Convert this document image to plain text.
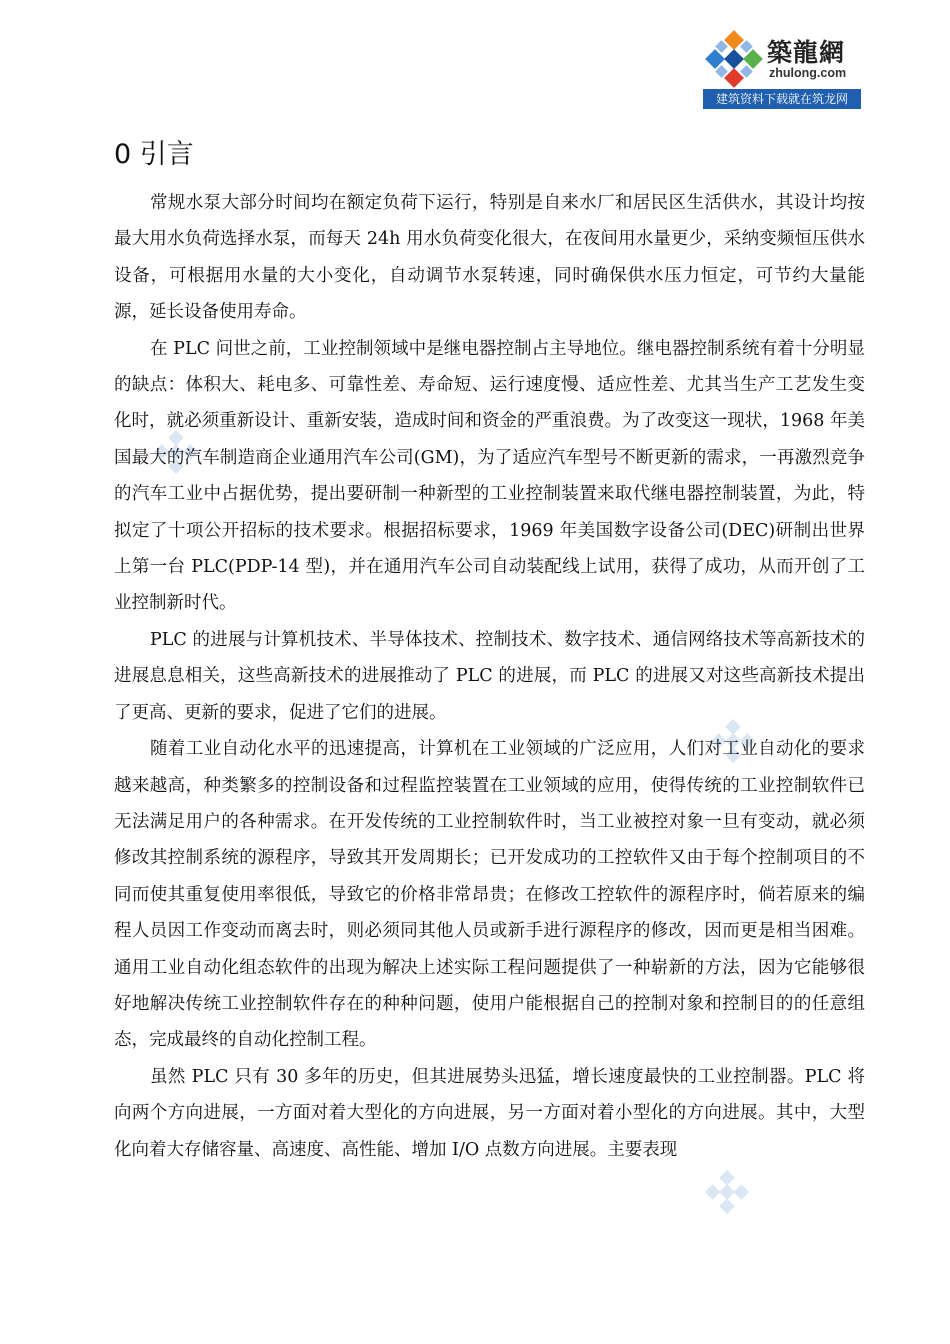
築龍網
zhulong.com
建筑资料下载就在筑龙网
0 引言

常规水泵大部分时间均在额定负荷下运行，特别是自来水厂和居民区生活供水，其设计均按最大用水负荷选择水泵，而每天 24h 用水负荷变化很大，在夜间用水量更少，采纳变频恒压供水设备，可根据用水量的大小变化，自动调节水泵转速，同时确保供水压力恒定，可节约大量能源，延长设备使用寿命。

在 PLC 问世之前，工业控制领域中是继电器控制占主导地位。继电器控制系统有着十分明显的缺点：体积大、耗电多、可靠性差、寿命短、运行速度慢、适应性差、尤其当生产工艺发生变化时，就必须重新设计、重新安装，造成时间和资金的严重浪费。为了改变这一现状，1968 年美国最大的汽车制造商企业通用汽车公司(GM)，为了适应汽车型号不断更新的需求，一再激烈竞争的汽车工业中占据优势，提出要研制一种新型的工业控制装置来取代继电器控制装置，为此，特拟定了十项公开招标的技术要求。根据招标要求，1969 年美国数字设备公司(DEC)研制出世界上第一台 PLC(PDP-14 型)，并在通用汽车公司自动装配线上试用，获得了成功，从而开创了工业控制新时代。

PLC 的进展与计算机技术、半导体技术、控制技术、数字技术、通信网络技术等高新技术的进展息息相关，这些高新技术的进展推动了 PLC 的进展，而 PLC 的进展又对这些高新技术提出了更高、更新的要求，促进了它们的进展。

随着工业自动化水平的迅速提高，计算机在工业领域的广泛应用，人们对工业自动化的要求越来越高，种类繁多的控制设备和过程监控装置在工业领域的应用，使得传统的工业控制软件已无法满足用户的各种需求。在开发传统的工业控制软件时，当工业被控对象一旦有变动，就必须修改其控制系统的源程序，导致其开发周期长；已开发成功的工控软件又由于每个控制项目的不同而使其重复使用率很低，导致它的价格非常昂贵；在修改工控软件的源程序时，倘若原来的编程人员因工作变动而离去时，则必须同其他人员或新手进行源程序的修改，因而更是相当困难。通用工业自动化组态软件的出现为解决上述实际工程问题提供了一种崭新的方法，因为它能够很好地解决传统工业控制软件存在的种种问题，使用户能根据自己的控制对象和控制目的的任意组态，完成最终的自动化控制工程。

虽然 PLC 只有 30 多年的历史，但其进展势头迅猛，增长速度最快的工业控制器。PLC 将向两个方向进展，一方面对着大型化的方向进展，另一方面对着小型化的方向进展。其中，大型化向着大存储容量、高速度、高性能、增加 I/O 点数方向进展。主要表现
